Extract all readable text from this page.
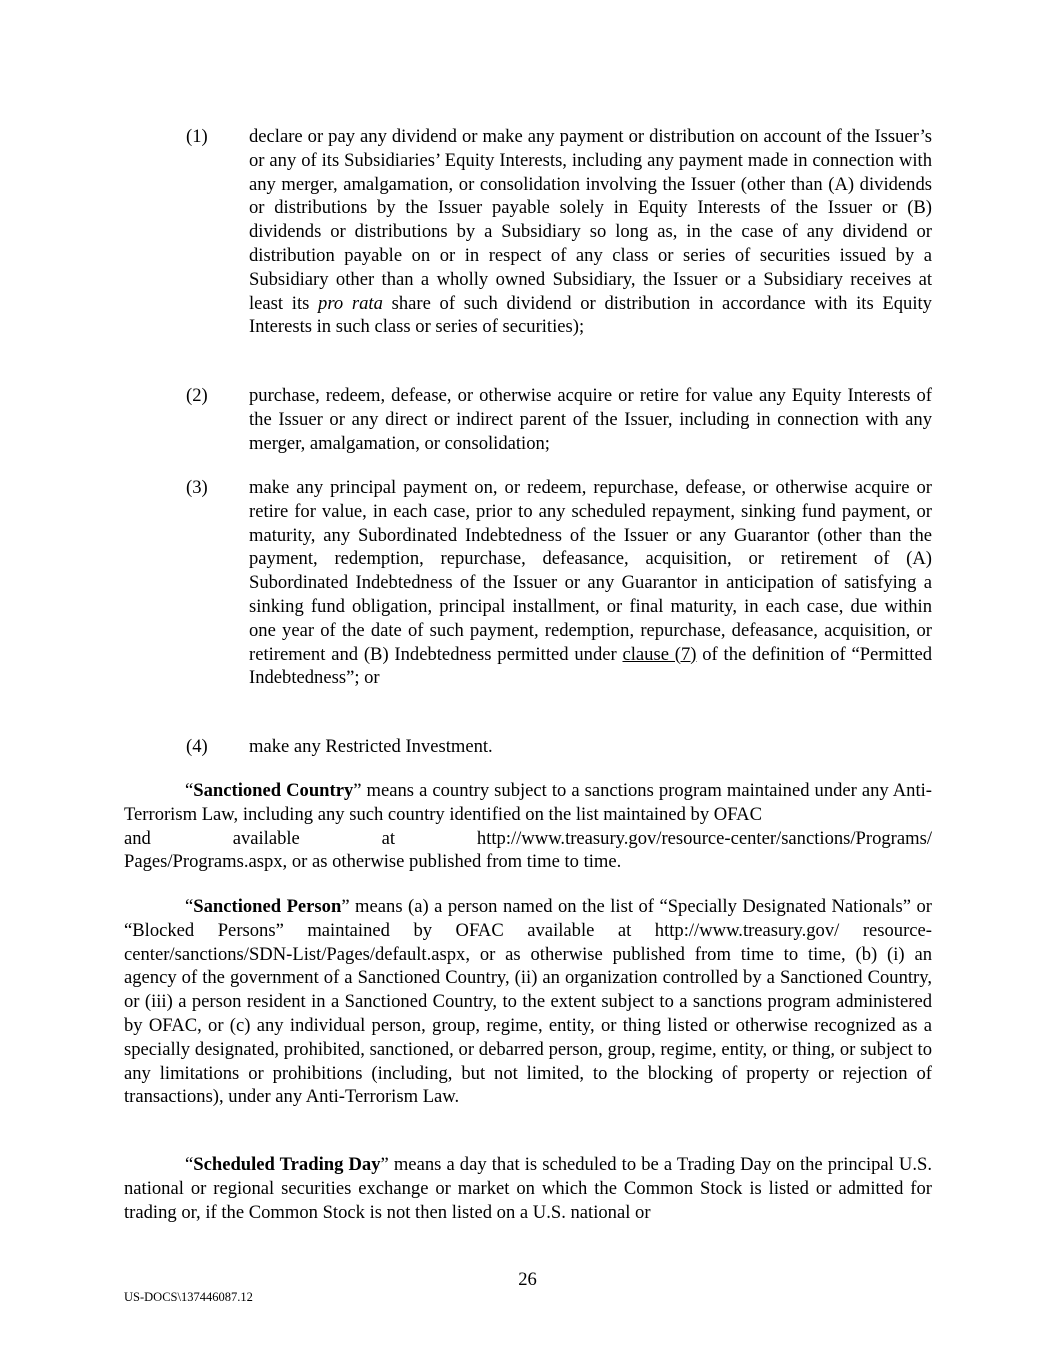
(1) declare or pay any dividend or make any payment or distribution on account of the Issuer’s or any of its Subsidiaries’ Equity Interests, including any payment made in connection with any merger, amalgamation, or consolidation involving the Issuer (other than (A) dividends or distributions by the Issuer payable solely in Equity Interests of the Issuer or (B) dividends or distributions by a Subsidiary so long as, in the case of any dividend or distribution payable on or in respect of any class or series of securities issued by a Subsidiary other than a wholly owned Subsidiary, the Issuer or a Subsidiary receives at least its pro rata share of such dividend or distribution in accordance with its Equity Interests in such class or series of securities);
(2) purchase, redeem, defease, or otherwise acquire or retire for value any Equity Interests of the Issuer or any direct or indirect parent of the Issuer, including in connection with any merger, amalgamation, or consolidation;
(3) make any principal payment on, or redeem, repurchase, defease, or otherwise acquire or retire for value, in each case, prior to any scheduled repayment, sinking fund payment, or maturity, any Subordinated Indebtedness of the Issuer or any Guarantor (other than the payment, redemption, repurchase, defeasance, acquisition, or retirement of (A) Subordinated Indebtedness of the Issuer or any Guarantor in anticipation of satisfying a sinking fund obligation, principal installment, or final maturity, in each case, due within one year of the date of such payment, redemption, repurchase, defeasance, acquisition, or retirement and (B) Indebtedness permitted under clause (7) of the definition of “Permitted Indebtedness”; or
(4) make any Restricted Investment.
“Sanctioned Country” means a country subject to a sanctions program maintained under any Anti-Terrorism Law, including any such country identified on the list maintained by OFAC
and	available	at	http://www.treasury.gov/resource-center/sanctions/Programs/
Pages/Programs.aspx, or as otherwise published from time to time.
“Sanctioned Person” means (a) a person named on the list of “Specially Designated Nationals” or “Blocked Persons” maintained by OFAC available at http://www.treasury.gov/ resource-center/sanctions/SDN-List/Pages/default.aspx, or as otherwise published from time to time, (b) (i) an agency of the government of a Sanctioned Country, (ii) an organization controlled by a Sanctioned Country, or (iii) a person resident in a Sanctioned Country, to the extent subject to a sanctions program administered by OFAC, or (c) any individual person, group, regime, entity, or thing listed or otherwise recognized as a specially designated, prohibited, sanctioned, or debarred person, group, regime, entity, or thing, or subject to any limitations or prohibitions (including, but not limited, to the blocking of property or rejection of transactions), under any Anti-Terrorism Law.
“Scheduled Trading Day” means a day that is scheduled to be a Trading Day on the principal U.S. national or regional securities exchange or market on which the Common Stock is listed or admitted for trading or, if the Common Stock is not then listed on a U.S. national or
26
US-DOCS\137446087.12
